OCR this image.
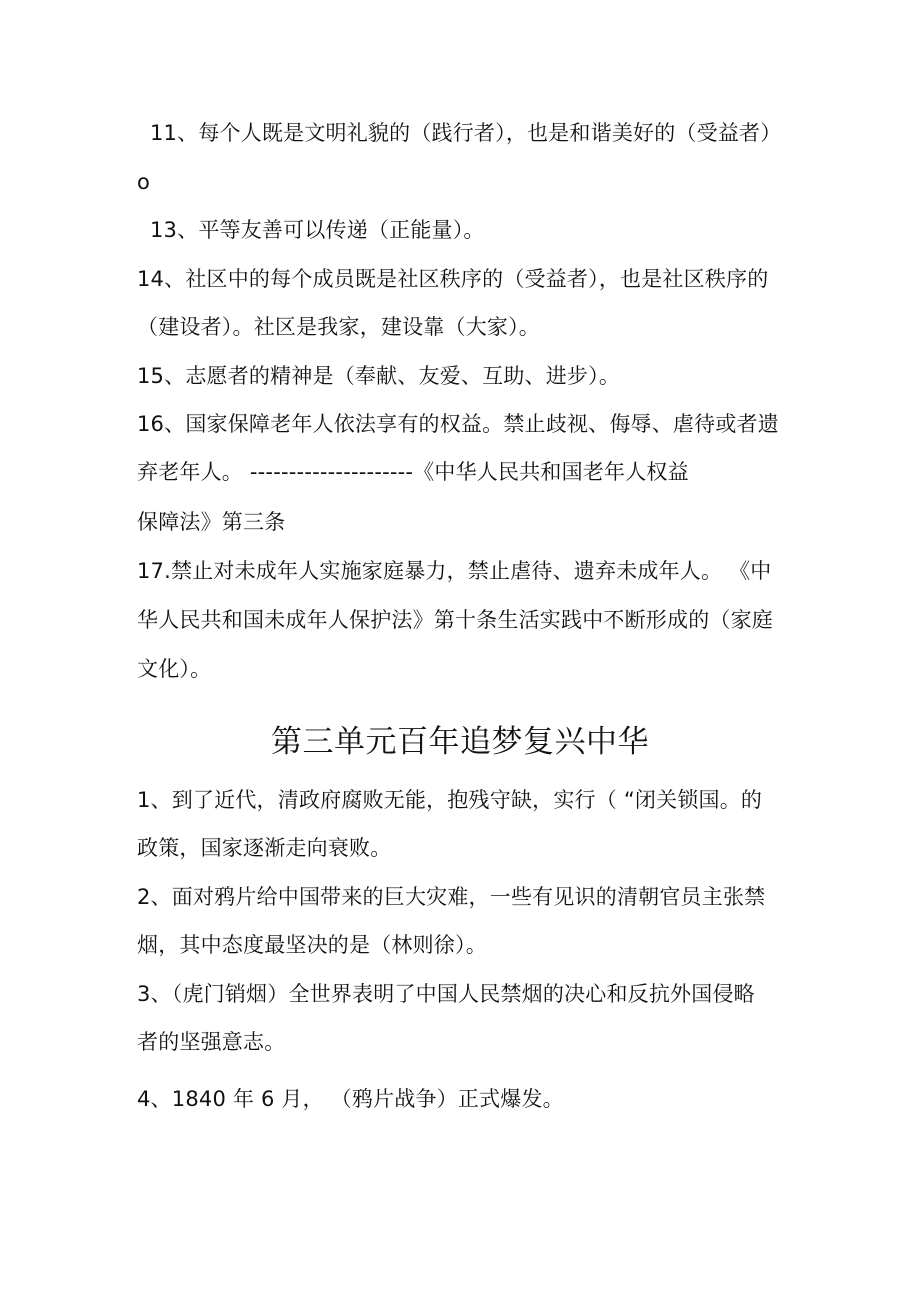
11、每个人既是文明礼貌的（践行者），也是和谐美好的（受益者）
o
13、平等友善可以传递（正能量）。
14、社区中的每个成员既是社区秩序的（受益者），也是社区秩序的
（建设者）。社区是我家，建设靠（大家）。
15、志愿者的精神是（奉献、友爱、互助、进步）。
16、国家保障老年人依法享有的权益。禁止歧视、侮辱、虐待或者遗
弃老年人。 ---------------------《中华人民共和国老年人权益
保障法》第三条
17.禁止对未成年人实施家庭暴力，禁止虐待、遗弃未成年人。 《中
华人民共和国未成年人保护法》第十条生活实践中不断形成的（家庭
文化）。
第三单元百年追梦复兴中华
1、到了近代，清政府腐败无能，抱残守缺，实行（ “闭关锁国。的
政策，国家逐渐走向衰败。
2、面对鸦片给中国带来的巨大灾难，一些有见识的清朝官员主张禁
烟，其中态度最坚决的是（林则徐）。
3、（虎门销烟）全世界表明了中国人民禁烟的决心和反抗外国侵略
者的坚强意志。
4、1840 年 6 月， （鸦片战争）正式爆发。
